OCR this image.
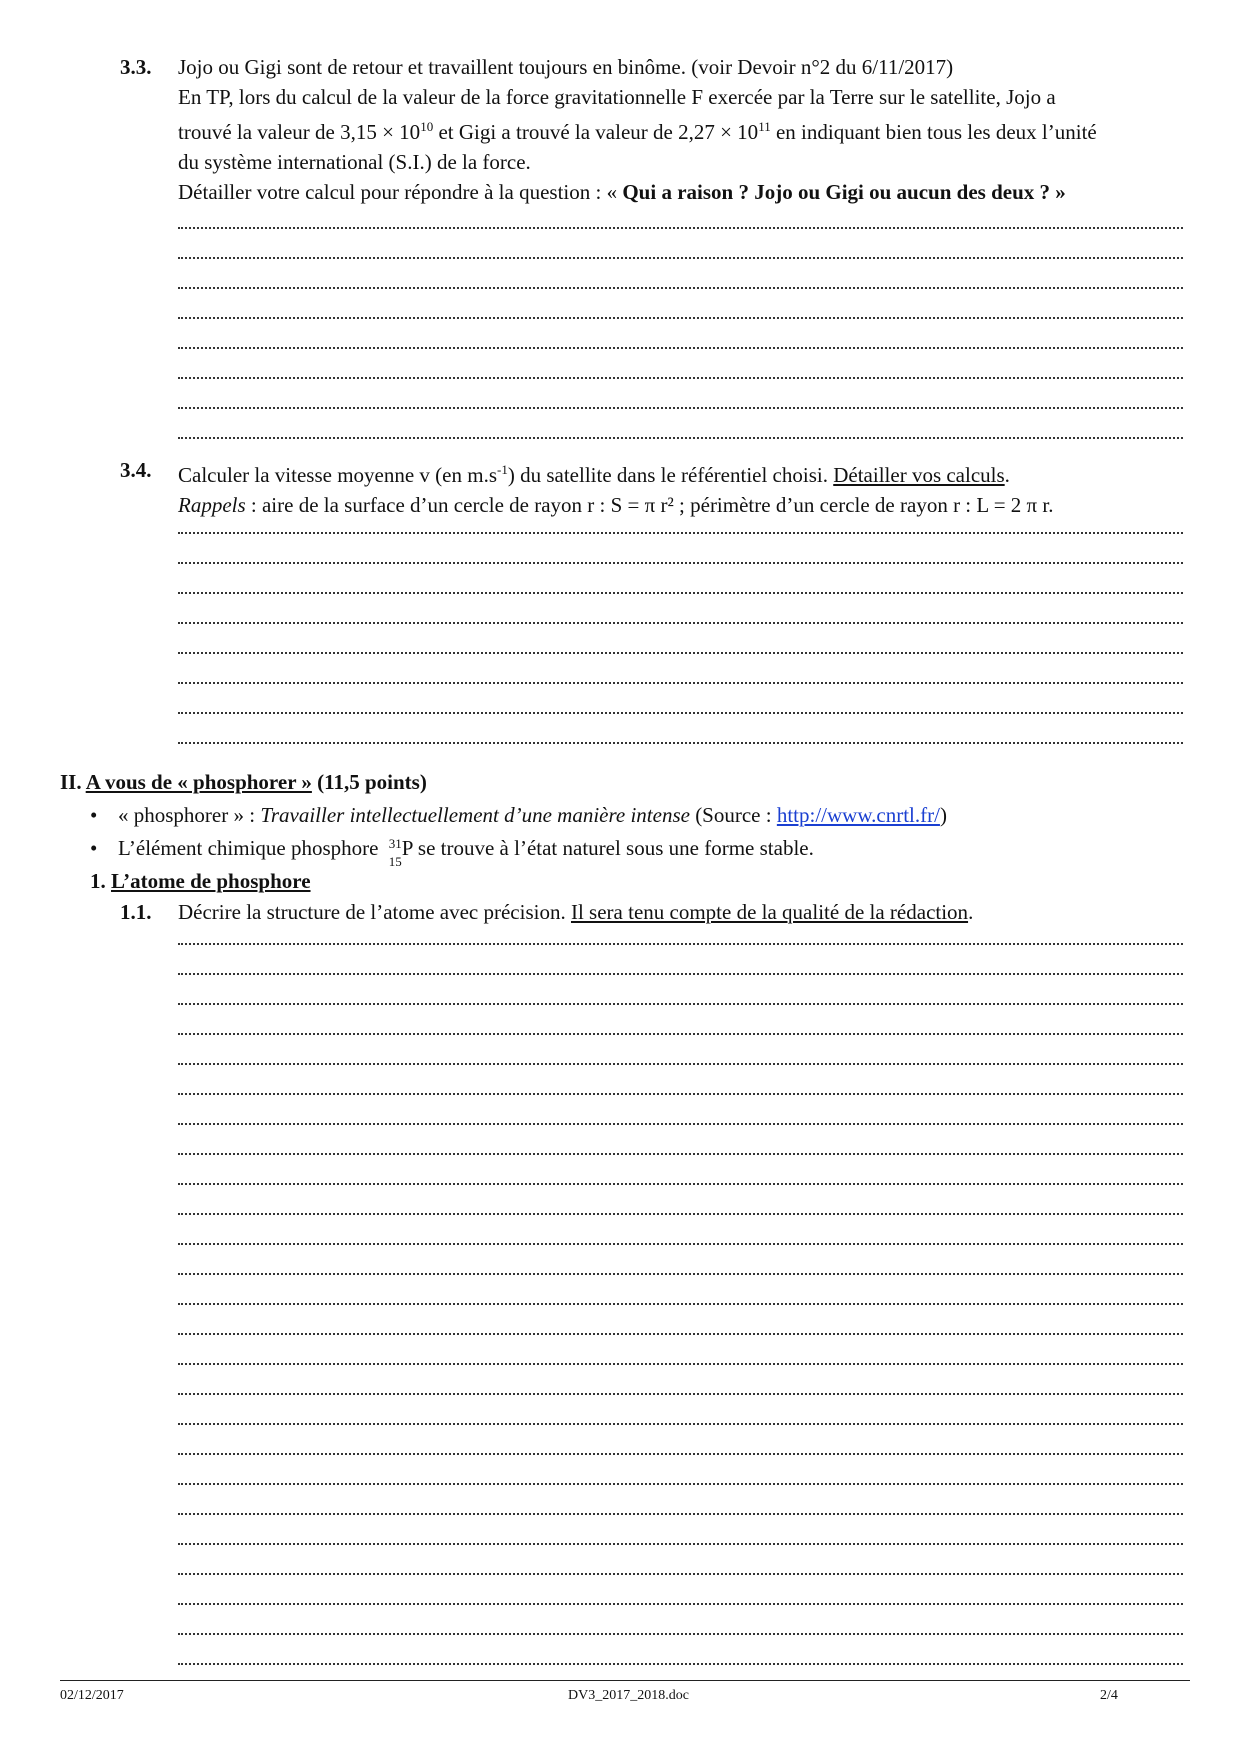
3.3. Jojo ou Gigi sont de retour et travaillent toujours en binôme. (voir Devoir n°2 du 6/11/2017)
En TP, lors du calcul de la valeur de la force gravitationnelle F exercée par la Terre sur le satellite, Jojo a
trouvé la valeur de $3,15 \times 10^{10}$ et Gigi a trouvé la valeur de $2,27 \times 10^{11}$ en indiquant bien tous les deux l’unité
du système international (S.I.) de la force.
Détailler votre calcul pour répondre à la question : « Qui a raison ? Jojo ou Gigi ou aucun des deux ? »
3.4. Calculer la vitesse moyenne v (en $m.s^{-1}$) du satellite dans le référentiel choisi. Détailler vos calculs.
Rappels : aire de la surface d’un cercle de rayon r : S = π r² ; périmètre d’un cercle de rayon r : L = 2 π r.
II. A vous de « phosphorer » (11,5 points)
• « phosphorer » : Travailler intellectuellement d’une manière intense (Source : http://www.cnrtl.fr/)
• L’élément chimique phosphore 31
15
P se trouve à l’état naturel sous une forme stable.
1. L’atome de phosphore
1.1. Décrire la structure de l’atome avec précision. Il sera tenu compte de la qualité de la rédaction.
02/12/2017	DV3_2017_2018.doc	2/4
